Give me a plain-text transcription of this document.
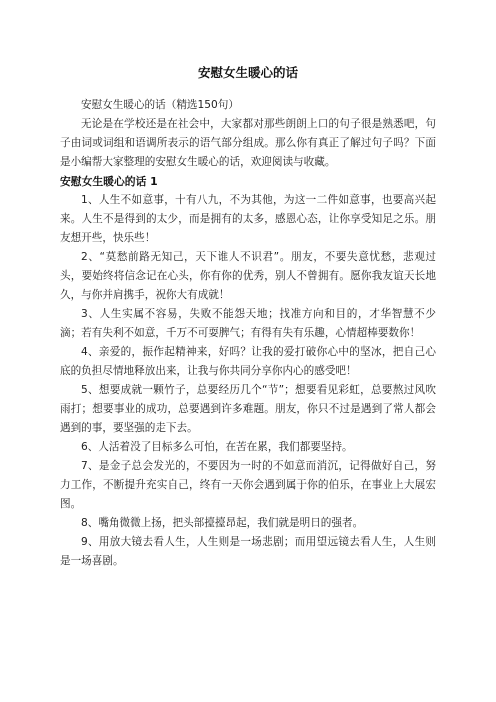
安慰女生暖心的话

安慰女生暖心的话（精选150句）

无论是在学校还是在社会中，大家都对那些朗朗上口的句子很是熟悉吧，句子由词或词组和语调所表示的语气部分组成。那么你有真正了解过句子吗？下面是小编帮大家整理的安慰女生暖心的话，欢迎阅读与收藏。

安慰女生暖心的话 1

1、人生不如意事，十有八九，不为其他，为这一二件如意事，也要高兴起来。人生不是得到的太少，而是拥有的太多，感恩心态，让你享受知足之乐。朋友想开些，快乐些！

2、“莫愁前路无知己，天下谁人不识君”。朋友，不要失意忧愁，悲观过头，要始终将信念记在心头，你有你的优秀，别人不曾拥有。愿你我友谊天长地久，与你并肩携手，祝你大有成就！

3、人生实属不容易，失败不能怨天地；找准方向和目的，才华智慧不少滴；若有失利不如意，千万不可耍脾气；有得有失有乐趣，心情超棒要数你！

4、亲爱的，振作起精神来，好吗？让我的爱打破你心中的坚冰，把自己心底的负担尽情地释放出来，让我与你共同分享你内心的感受吧！

5、想要成就一颗竹子，总要经历几个“节”；想要看见彩虹，总要熬过风吹雨打；想要事业的成功，总要遇到许多难题。朋友，你只不过是遇到了常人都会遇到的事，要坚强的走下去。

6、人活着没了目标多么可怕，在苦在累，我们都要坚持。

7、是金子总会发光的，不要因为一时的不如意而消沉，记得做好自己，努力工作，不断提升充实自己，终有一天你会遇到属于你的伯乐，在事业上大展宏图。

8、嘴角微微上扬，把头部擡擡昂起，我们就是明日的强者。

9、用放大镜去看人生，人生则是一场悲剧；而用望远镜去看人生，人生则是一场喜剧。
